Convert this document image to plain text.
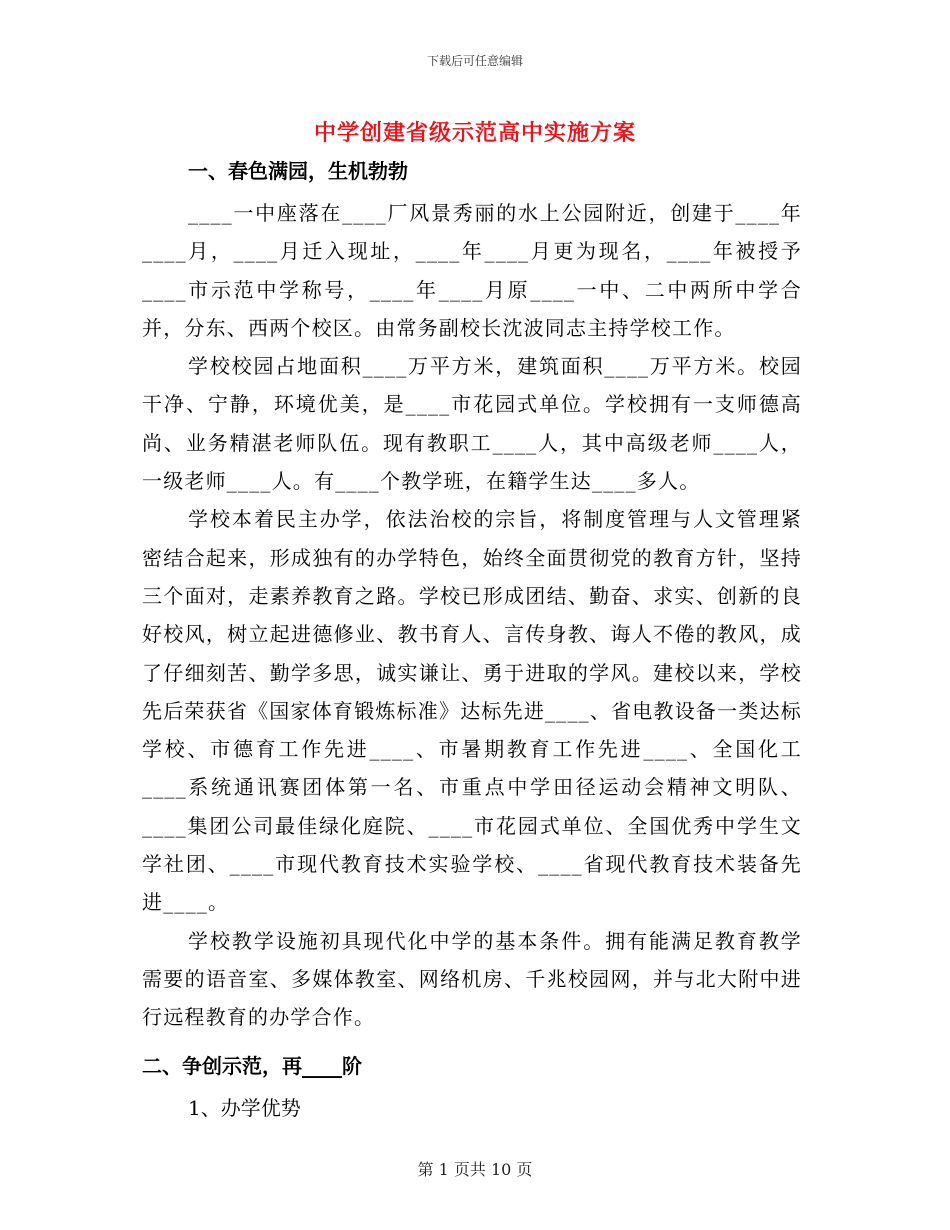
下载后可任意编辑
中学创建省级示范高中实施方案
一、春色满园，生机勃勃

____一中座落在____厂风景秀丽的水上公园附近，创建于____年____月，____月迁入现址，____年____月更为现名，____年被授予____市示范中学称号，____年____月原____一中、二中两所中学合并，分东、西两个校区。由常务副校长沈波同志主持学校工作。

学校校园占地面积____万平方米，建筑面积____万平方米。校园干净、宁静，环境优美，是____市花园式单位。学校拥有一支师德高尚、业务精湛老师队伍。现有教职工____人，其中高级老师____人，一级老师____人。有____个教学班，在籍学生达____多人。

学校本着民主办学，依法治校的宗旨，将制度管理与人文管理紧密结合起来，形成独有的办学特色，始终全面贯彻党的教育方针，坚持三个面对，走素养教育之路。学校已形成团结、勤奋、求实、创新的良好校风，树立起进德修业、教书育人、言传身教、诲人不倦的教风，成了仔细刻苦、勤学多思，诚实谦让、勇于进取的学风。建校以来，学校先后荣获省《国家体育锻炼标准》达标先进____、省电教设备一类达标学校、市德育工作先进____、市暑期教育工作先进____、全国化工____系统通讯赛团体第一名、市重点中学田径运动会精神文明队、____集团公司最佳绿化庭院、____市花园式单位、全国优秀中学生文学社团、____市现代教育技术实验学校、____省现代教育技术装备先进____。

学校教学设施初具现代化中学的基本条件。拥有能满足教育教学需要的语音室、多媒体教室、网络机房、千兆校园网，并与北大附中进行远程教育的办学合作。

二、争创示范，再____阶
1、办学优势
第 1 页共 10 页
